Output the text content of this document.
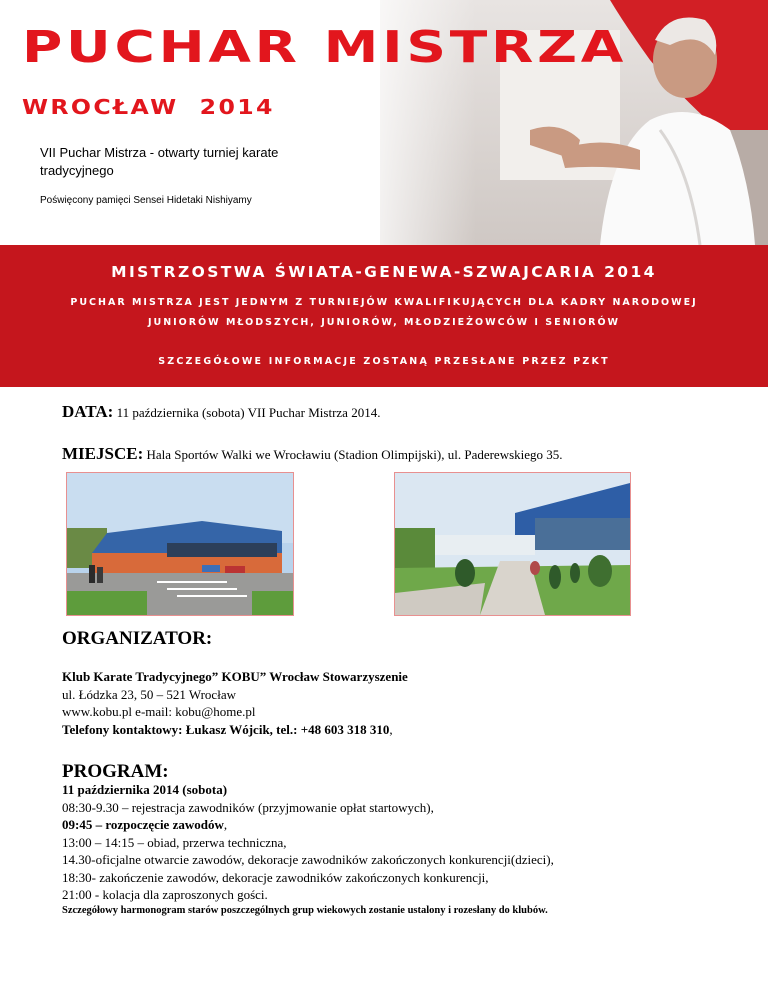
PUCHAR MISTRZA
WROCŁAW 2014
VII Puchar Mistrza - otwarty turniej karate tradycyjnego
Poświęcony pamięci Sensei Hidetaki Nishiyamy
MISTRZOSTWA ŚWIATA-GENEWA-SZWAJCARIA 2014
PUCHAR MISTRZA JEST JEDNYM Z TURNIEJÓW KWALIFIKUJĄCYCH DLA KADRY NARODOWEJ
JUNIORÓW MŁODSZYCH, JUNIORÓW, MŁODZIEŻOWCÓW I SENIORÓW
SZCZEGÓŁOWE INFORMACJE ZOSTANĄ PRZESŁANE PRZEZ PZKT
DATA: 11 października (sobota) VII Puchar Mistrza 2014.
MIEJSCE: Hala Sportów Walki we Wrocławiu (Stadion Olimpijski), ul. Paderewskiego 35.
ORGANIZATOR:
Klub Karate Tradycyjnego” KOBU” Wrocław Stowarzyszenie
ul. Łódzka 23, 50 – 521 Wrocław
www.kobu.pl e-mail: kobu@home.pl
Telefony kontaktowy: Łukasz Wójcik, tel.: +48 603 318 310,
PROGRAM:
11 października 2014 (sobota)
08:30-9.30 – rejestracja zawodników (przyjmowanie opłat startowych),
09:45 – rozpoczęcie zawodów,
13:00 – 14:15 – obiad, przerwa techniczna,
14.30-oficjalne otwarcie zawodów, dekoracje zawodników zakończonych konkurencji(dzieci),
18:30- zakończenie zawodów, dekoracje zawodników zakończonych konkurencji,
21:00 - kolacja dla zaproszonych gości.
Szczegółowy harmonogram starów poszczególnych grup wiekowych zostanie ustalony i rozesłany do klubów.
